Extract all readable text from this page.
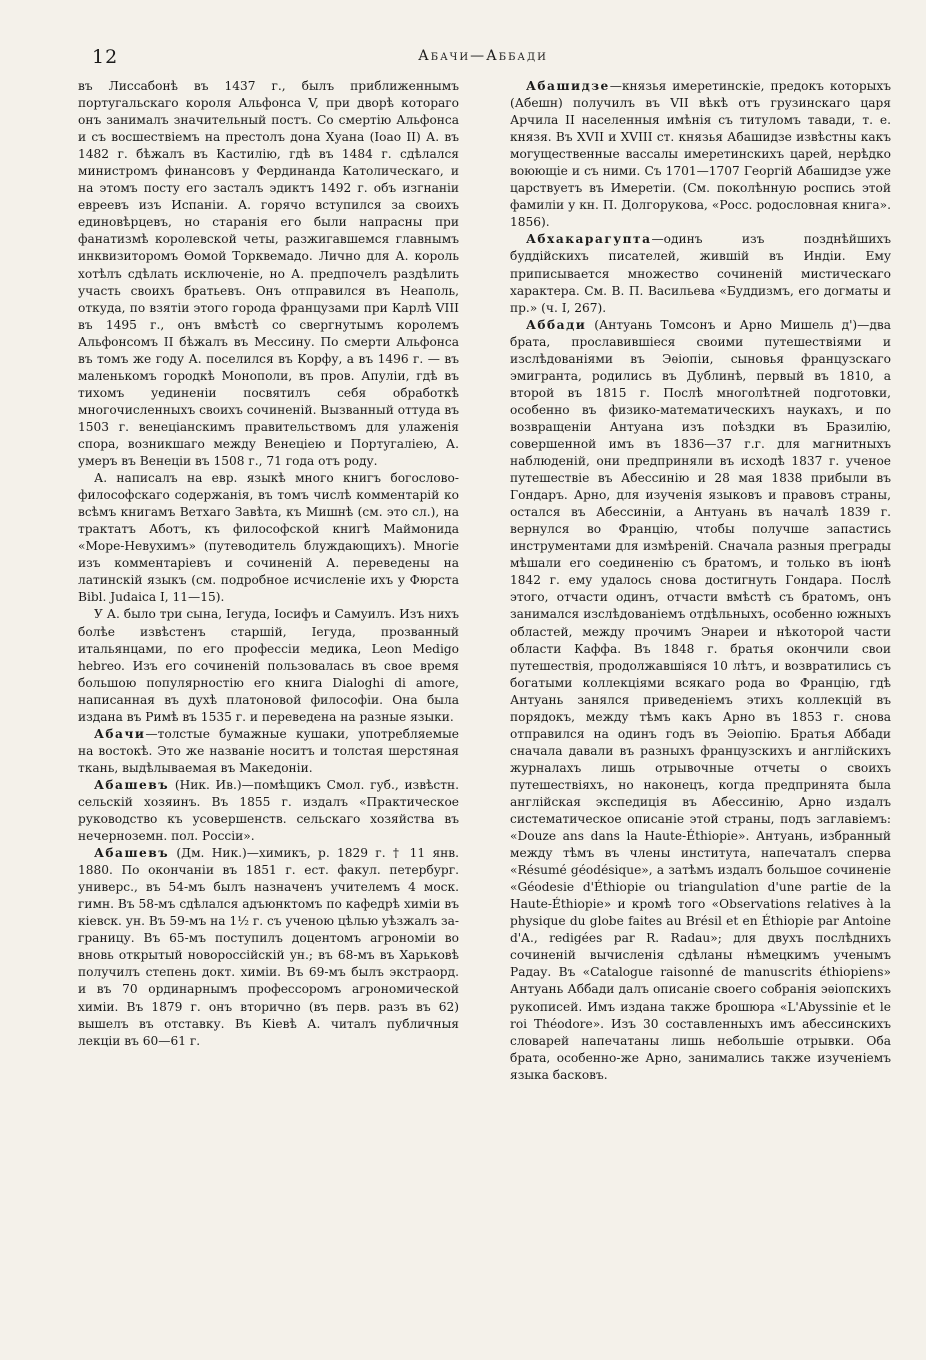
12	Абачи—Аббади

въ Лиссабонѣ въ 1437 г., былъ приближеннымъ португальскаго короля Альфонса V, при дворѣ котораго онъ занималъ значительный постъ. Со смертію Альфонса и съ восшествіемъ на престолъ дона Хуана (Іоао II) А. въ 1482 г. бѣжалъ въ Кастилію, гдѣ въ 1484 г. сдѣлался министромъ финансовъ у Фердинанда Католическаго, и на этомъ посту его засталъ эдиктъ 1492 г. объ изгнаніи евреевъ изъ Испаніи. А. горячо вступился за своихъ единовѣрцевъ, но старанія его были напрасны при фанатизмѣ королевской четы, разжигавшемся главнымъ инквизиторомъ Ѳомой Торквемадо. Лично для А. король хотѣлъ сдѣлать исключеніе, но А. предпочелъ раздѣлить участь своихъ братьевъ. Онъ отправился въ Неаполь, откуда, по взятіи этого города французами при Карлѣ VIII въ 1495 г., онъ вмѣстѣ со свергнутымъ королемъ Альфонсомъ II бѣжалъ въ Мессину. По смерти Альфонса въ томъ же году А. поселился въ Корфу, а въ 1496 г. — въ маленькомъ городкѣ Монополи, въ пров. Апуліи, гдѣ въ тихомъ уединеніи посвятилъ себя обработкѣ многочисленныхъ своихъ сочиненій. Вызванный оттуда въ 1503 г. венеціанскимъ правительствомъ для улаженія спора, возникшаго между Венеціею и Португаліею, А. умеръ въ Венеціи въ 1508 г., 71 года отъ роду.

А. написалъ на евр. языкѣ много книгъ богослово-философскаго содержанія, въ томъ числѣ комментарій ко всѣмъ книгамъ Ветхаго Завѣта, къ Мишнѣ (см. это сл.), на трактатъ Аботъ, къ философской книгѣ Маймонида «Море-Невухимъ» (путеводитель блуждающихъ). Многіе изъ комментаріевъ и сочиненій А. переведены на латинскій языкъ (см. подробное исчисленіе ихъ у Фюрста Bibl. Judaica I, 11—15).

У А. было три сына, Іегуда, Іосифъ и Самуилъ. Изъ нихъ болѣе извѣстенъ старшій, Іегуда, прозванный итальянцами, по его профессіи медика, Leon Medigo hebreo. Изъ его сочиненій пользовалась въ свое время большою популярностію его книга Dialoghi di amore, написанная въ духѣ платоновой философіи. Она была издана въ Римѣ въ 1535 г. и переведена на разные языки.

Абачи—толстые бумажные кушаки, употребляемые на востокѣ. Это же названіе носитъ и толстая шерстяная ткань, выдѣлываемая въ Македоніи.

Абашевъ (Ник. Ив.)—помѣщикъ Смол. губ., извѣстн. сельскій хозяинъ. Въ 1855 г. издалъ «Практическое руководство къ усовершенств. сельскаго хозяйства въ нечерноземн. пол. Россіи».

Абашевъ (Дм. Ник.)—химикъ, р. 1829 г. † 11 янв. 1880. По окончаніи въ 1851 г. ест. факул. петербург. универс., въ 54-мъ былъ назначенъ учителемъ 4 моск. гимн. Въ 58-мъ сдѣлался адъюнктомъ по кафедрѣ химіи въ кіевск. ун. Въ 59-мъ на 1½ г. съ ученою цѣлью уѣзжалъ за-границу. Въ 65-мъ поступилъ доцентомъ агрономіи во вновь открытый новороссійскій ун.; въ 68-мъ въ Харьковѣ получилъ степень докт. химіи. Въ 69-мъ былъ экстраорд. и въ 70 ординарнымъ профессоромъ агрономической химіи. Въ 1879 г. онъ вторично (въ перв. разъ въ 62) вышелъ въ отставку. Въ Кіевѣ А. читалъ публичныя лекціи въ 60—61 г.

Абашидзе—князья имеретинскіе, предокъ которыхъ (Абешн) получилъ въ VII вѣкѣ отъ грузинскаго царя Арчила II населенныя имѣнія съ титуломъ тавади, т. е. князя. Въ XVII и XVIII ст. князья Абашидзе извѣстны какъ могущественные вассалы имеретинскихъ царей, нерѣдко воюющіе и съ ними. Съ 1701—1707 Георгій Абашидзе уже царствуетъ въ Имеретіи. (См. поколѣнную роспись этой фамиліи у кн. П. Долгорукова, «Росс. родословная книга». 1856).

Абхакарагупта—одинъ изъ позднѣйшихъ буддійскихъ писателей, жившій въ Индіи. Ему приписывается множество сочиненій мистическаго характера. См. В. П. Васильева «Буддизмъ, его догматы и пр.» (ч. I, 267).

Аббади (Антуань Томсонъ и Арно Мишель д')—два брата, прославившіеся своими путешествіями и изслѣдованіями въ Эѳіопіи, сыновья французскаго эмигранта, родились въ Дублинѣ, первый въ 1810, а второй въ 1815 г. Послѣ многолѣтней подготовки, особенно въ физико-математическихъ наукахъ, и по возвращеніи Антуана изъ поѣздки въ Бразилію, совершенной имъ въ 1836—37 г.г. для магнитныхъ наблюденій, они предприняли въ исходѣ 1837 г. ученое путешествіе въ Абессинію и 28 мая 1838 прибыли въ Гондаръ. Арно, для изученія языковъ и правовъ страны, остался въ Абессиніи, а Антуань въ началѣ 1839 г. вернулся во Францію, чтобы получше запастись инструментами для измѣреній. Сначала разныя преграды мѣшали его соединенію съ братомъ, и только въ іюнѣ 1842 г. ему удалось снова достигнуть Гондара. Послѣ этого, отчасти одинъ, отчасти вмѣстѣ съ братомъ, онъ занимался изслѣдованіемъ отдѣльныхъ, особенно южныхъ областей, между прочимъ Энареи и нѣкоторой части области Каффа. Въ 1848 г. братья окончили свои путешествія, продолжавшіяся 10 лѣтъ, и возвратились съ богатыми коллекціями всякаго рода во Францію, гдѣ Антуань занялся приведеніемъ этихъ коллекцій въ порядокъ, между тѣмъ какъ Арно въ 1853 г. снова отправился на одинъ годъ въ Эѳіопію. Братья Аббади сначала давали въ разныхъ французскихъ и англійскихъ журналахъ лишь отрывочные отчеты о своихъ путешествіяхъ, но наконецъ, когда предпринята была англійская экспедиція въ Абессинію, Арно издалъ систематическое описаніе этой страны, подъ заглавіемъ: «Douze ans dans la Haute-Éthiopie». Антуань, избранный между тѣмъ въ члены института, напечаталъ сперва «Résumé géodésique», а затѣмъ издалъ большое сочиненіе «Géodesie d'Éthiopie ou triangulation d'une partie de la Haute-Éthiopie» и кромѣ того «Observations relatives à la physique du globe faites au Brésil et en Éthiopie par Antoine d'A., redigées par R. Radau»; для двухъ послѣднихъ сочиненій вычисленія сдѣланы нѣмецкимъ ученымъ Радау. Въ «Catalogue raisonné de manuscrits éthiopiens» Антуань Аббади далъ описаніе своего собранія эѳіопскихъ рукописей. Имъ издана также брошюра «L'Abyssinie et le roi Théodore». Изъ 30 составленныхъ имъ абессинскихъ словарей напечатаны лишь небольшіе отрывки. Оба брата, особенно-же Арно, занимались также изученіемъ языка басковъ.
